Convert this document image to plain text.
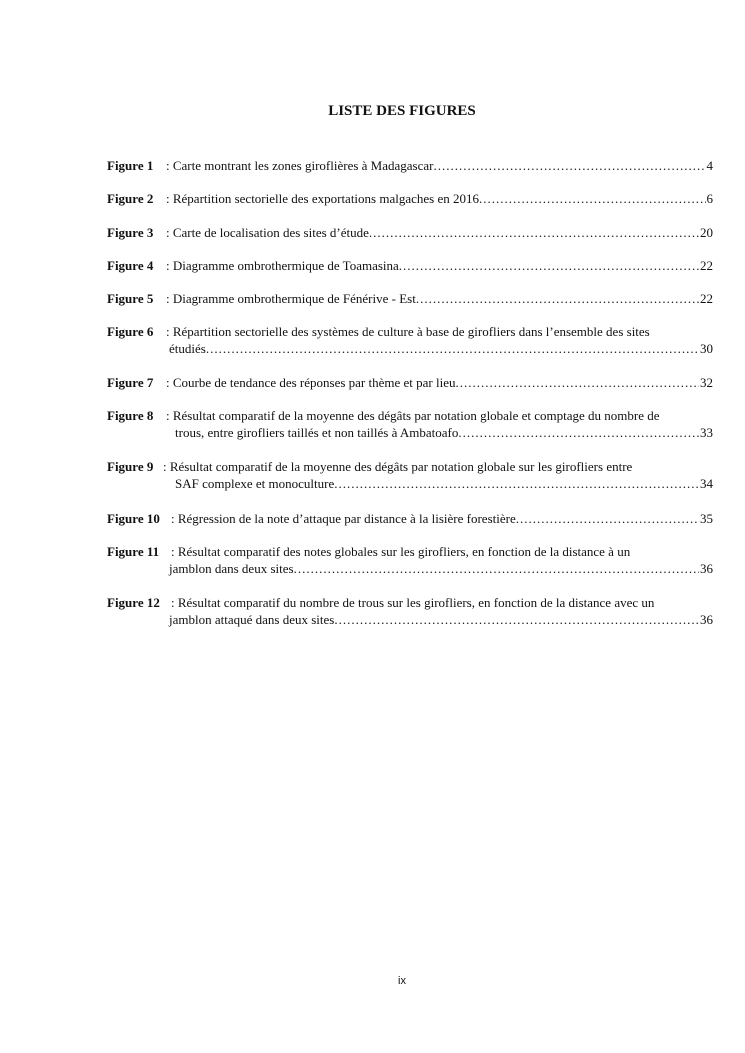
LISTE DES FIGURES
Figure 1 : Carte montrant les zones giroflières à Madagascar .....	4
Figure 2 : Répartition sectorielle des exportations malgaches en 2016 .....	6
Figure 3 : Carte de localisation des sites d’étude .....	20
Figure 4 : Diagramme ombrothermique de Toamasina .....	22
Figure 5 : Diagramme ombrothermique de Fénérive - Est .....	22
Figure 6 : Répartition sectorielle des systèmes de culture à base de girofliers dans l’ensemble des sites
étudiés .....	30
Figure 7 : Courbe de tendance des réponses par thème et par lieu .....	32
Figure 8 : Résultat comparatif de la moyenne des dégâts par notation globale et comptage du nombre de
trous, entre girofliers taillés et non taillés à Ambatoafo .....	33
Figure 9 : Résultat comparatif de la moyenne des dégâts par notation globale sur les girofliers entre
SAF complexe et monoculture .....	34
Figure 10 : Régression de la note d’attaque par distance à la lisière forestière .....	35
Figure 11 : Résultat comparatif des notes globales sur les girofliers, en fonction de la distance à un
jamblon dans deux sites .....	36
Figure 12 : Résultat comparatif du nombre de trous sur les girofliers, en fonction de la distance avec un
jamblon attaqué dans deux sites .....	36
ix
